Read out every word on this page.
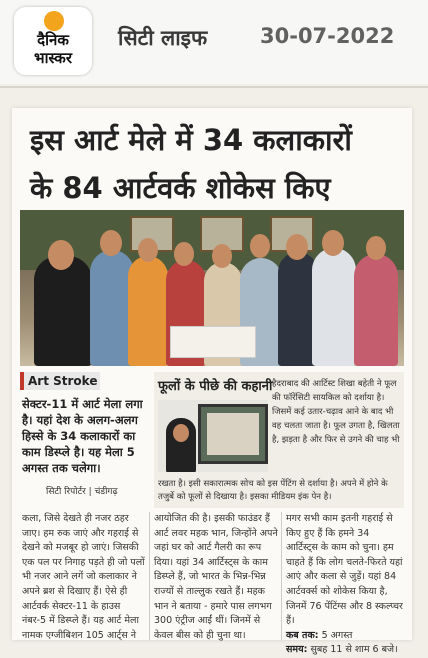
दैनिक
भास्कर
सिटी लाइफ	30-07-2022
इस आर्ट मेले में 34 कलाकारों
के 84 आर्टवर्क शोकेस किए
Art Stroke
सेक्टर-11 में आर्ट मेला लगा है। यहां देश के अलग-अलग हिस्से के 34 कलाकारों का काम डिस्प्ले है। यह मेला 5 अगस्त तक चलेगा।
सिटी रिपोर्टर | चंडीगढ़
फूलों के पीछे की कहानी हैदराबाद की आर्टिस्ट शिखा बहेती ने फूल की फॉरेंसिटी सायकिल को दर्शाया है। जिसमें कई उतार-चढ़ाव आने के बाद भी वह चलता जाता है। फूल उगता है, खिलता है, झड़ता है और फिर से उगने की चाह भी
रखता है। इसी सकारात्मक सोच को इस पेंटिंग से दर्शाया है। अपने में होने के तजुर्बे को फूलों से दिखाया है। इसका मीडियम इंक पेन है।
कला, जिसे देखते ही नजर ठहर जाए। हम रुक जाएं और गहराई से देखने को मजबूर हो जाएं। जिसकी एक पल पर निगाह पड़ते ही जो पलों भी नजर आने लगें जो कलाकार ने अपने ब्रश से दिखाए हैं। ऐसे ही आर्टवर्क सेक्टर-11 के हाउस नंबर-5 में डिस्प्ले हैं। यह आर्ट मेला नामक एग्जीबिशन 105 आर्ट्स ने
आयोजित की है। इसकी फाउंडर हैं आर्ट लवर महक भान, जिन्होंने अपने जहां घर को आर्ट गैलरी का रूप दिया। यहां 34 आर्टिस्ट्स के काम डिस्प्ले हैं, जो भारत के भिन्न-भिन्न राज्यों से ताल्लुक रखते हैं। महक भान ने बताया - हमारे पास लगभग 300 एंट्रीज आईं थीं। जिनमें से केवल बीस को ही चुना था।
मगर सभी काम इतनी गहराई से किए हुए हैं कि हमने 34 आर्टिस्ट्स के काम को चुना। हम चाहते हैं कि लोग चलते-फिरते यहां आएं और कला से जुड़ें। यहां 84 आर्टवर्क्स को शोकेस किया है, जिनमें 76 पेंटिंग्स और 8 स्कल्प्चर हैं।
कब तक: 5 अगस्त
समय: सुबह 11 से शाम 6 बजे।
